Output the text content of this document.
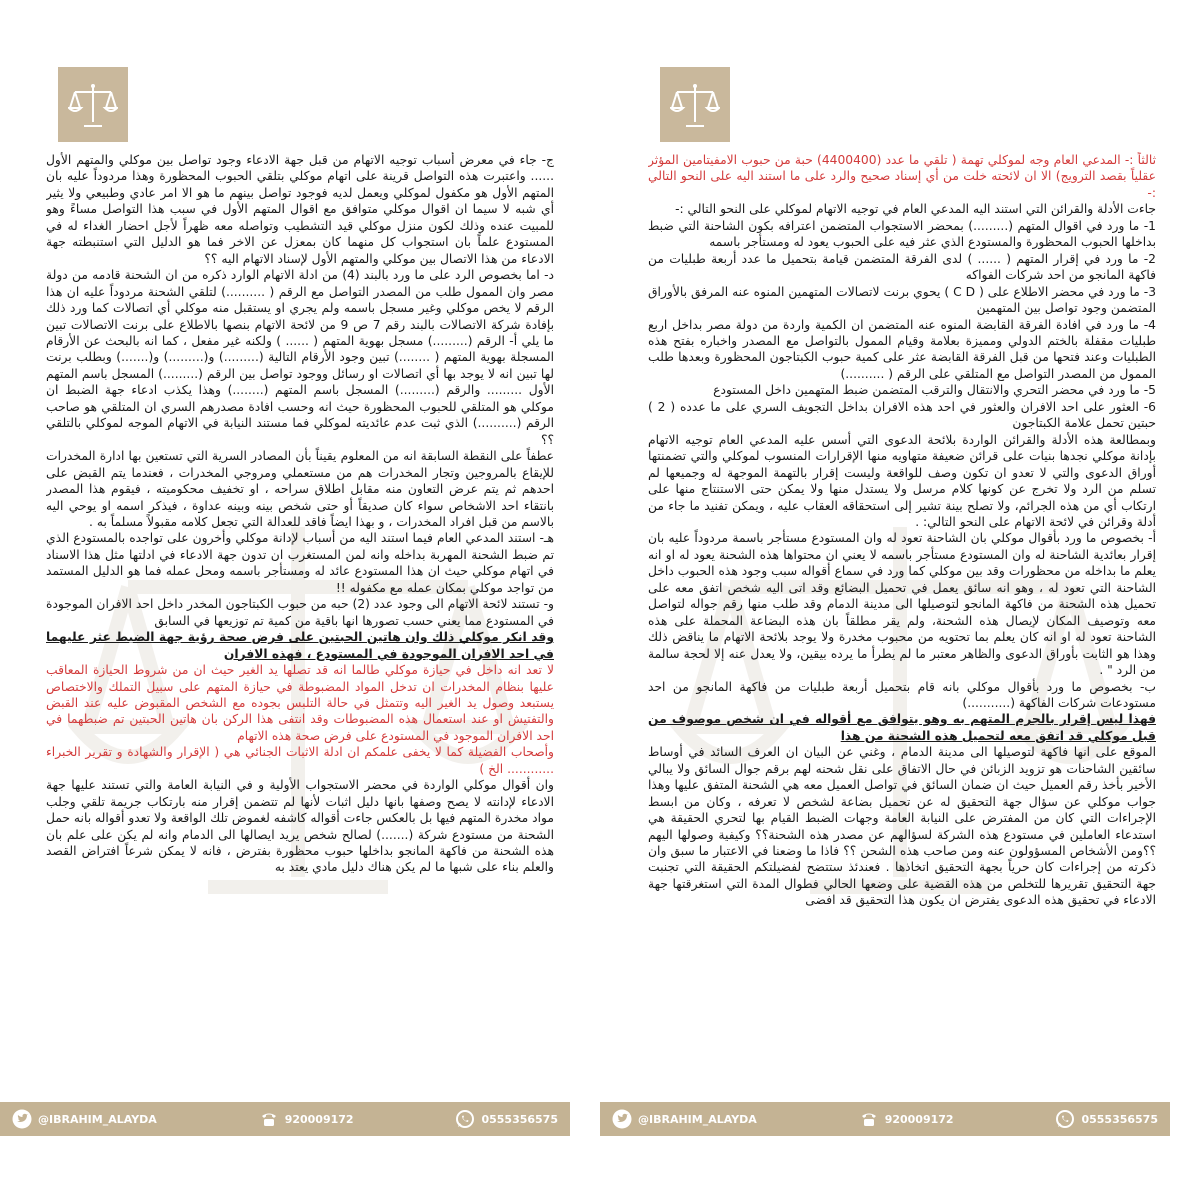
ج- جاء في معرض أسباب توجيه الاتهام من قبل جهة الادعاء وجود تواصل بين موكلي والمتهم الأول ...... واعتبرت هذه التواصل قرينة على اتهام موكلي بتلقي الحبوب المحظورة وهذا مردوداً عليه بان المتهم الأول هو مكفول لموكلي ويعمل لديه فوجود تواصل بينهم ما هو الا امر عادي وطبيعي ولا يثير أي شبه لا سيما ان اقوال موكلي متوافق مع اقوال المتهم الأول في سبب هذا التواصل مساءً وهو للمبيت عنده وذلك لكون منزل موكلي قيد التشطيب وتواصله معه ظهراً لأجل احضار الغداء له في المستودع علماً بان استجواب كل منهما كان بمعزل عن الاخر فما هو الدليل التي استنبطته جهة الادعاء من هذا الاتصال بين موكلي والمتهم الأول لإسناد الاتهام اليه ؟؟

د- اما بخصوص الرد على ما ورد بالبند (4) من ادلة الاتهام الوارد ذكره من ان الشحنة قادمه من دولة مصر وان الممول طلب من المصدر التواصل مع الرقم ( ..........) لتلقي الشحنة مردوداً عليه ان هذا الرقم لا يخص موكلي وغير مسجل باسمه ولم يجري او يستقبل منه موكلي أي اتصالات كما ورد ذلك بإفادة شركة الاتصالات بالبند رقم 7 ص 9 من لائحة الاتهام بنصها بالاطلاع على برنت الاتصالات تبين ما يلي أ- الرقم (.........) مسجل بهوية المتهم ( ...... ) ولكنه غير مفعل ، كما انه بالبحث عن الأرقام المسجلة بهوية المتهم ( ........) تبين وجود الأرقام التالية (.........) و(.........) و(.......) وبطلب برنت لها تبين انه لا يوجد بها أي اتصالات او رسائل ووجود تواصل بين الرقم (.........) المسجل باسم المتهم الأول ......... والرقم (.........) المسجل باسم المتهم (........) وهذا يكذب ادعاء جهة الضبط ان موكلي هو المتلقي للحبوب المحظورة حيث انه وحسب افادة مصدرهم السري ان المتلقي هو صاحب الرقم (..........) الذي ثبت عدم عائديته لموكلي فما مستند النيابة في الاتهام الموجه لموكلي بالتلقي ؟؟

عطفاً على النقطة السابقة انه من المعلوم يقيناً بأن المصادر السرية التي تستعين بها ادارة المخدرات للإيقاع بالمروجين وتجار المخدرات هم من مستعملي ومروجي المخدرات ، فعندما يتم القبض على احدهم ثم يتم عرض التعاون منه مقابل اطلاق سراحه ، او تخفيف محكوميته ، فيقوم هذا المصدر بانتقاء احد الاشخاص سواء كان صديقاً أو حتى شخص بينه وبينه عداوة ، فيذكر اسمه او يوحي اليه بالاسم من قبل افراد المخدرات ، و بهذا ايضاً فاقد للعدالة التي تجعل كلامه مقبولاً مسلماً به .

هـ- استند المدعي العام فيما استند اليه من أسباب لإدانة موكلي وأخرون على تواجده بالمستودع الذي تم ضبط الشحنة المهربة بداخله وانه لمن المستغرب ان تدون جهة الادعاء في ادلتها مثل هذا الاسناد في اتهام موكلي حيث ان هذا المستودع عائد له ومستأجر باسمه ومحل عمله فما هو الدليل المستمد من تواجد موكلي بمكان عمله مع مكفوله !!

و- تستند لائحة الاتهام الى وجود عدد (2) حبه من حبوب الكبتاجون المخدر داخل احد الافران الموجودة في المستودع مما يعني حسب تصورها انها باقية من كمية تم توزيعها في السابق

وقد انكر موكلي ذلك وان هاتين الحبتين على فرض صحة رؤية جهة الضبط عثر عليهما في احد الافران الموجودة في المستودع ، فهذه الافران

لا تعد انه داخل في حيازة موكلي طالما انه قد تصلها يد الغير حيث ان من شروط الحيازة المعاقب عليها بنظام المخدرات ان تدخل المواد المضبوطة في حيازة المتهم على سبيل التملك والاختصاص يستبعد وصول يد الغير اليه وتتمثل في حالة التلبس بجوده مع الشخص المقبوض عليه عند القبض والتفتيش او عند استعمال هذه المضبوطات وقد انتفى هذا الركن بان هاتين الحبتين تم ضبطهما في احد الافران الموجود في المستودع على فرض صحة هذه الاتهام

وأصحاب الفضيلة كما لا يخفى علمكم ان ادلة الاثبات الجنائي هي ( الإقرار والشهادة و تقرير الخبراء ............ الخ )

وان أقوال موكلي الواردة في محضر الاستجواب الأولية و في النيابة العامة والتي تستند عليها جهة الادعاء لإدانته لا يصح وصفها بانها دليل اثبات لأنها لم تتضمن إقرار منه بارتكاب جريمة تلقي وجلب مواد مخدرة المتهم فيها بل بالعكس جاءت أقواله كاشفه لغموض تلك الواقعة ولا تعدو أقواله بانه حمل الشحنة من مستودع شركة (.......) لصالح شخص يريد ايصالها الى الدمام وانه لم يكن على علم بان هذه الشحنة من فاكهة المانجو بداخلها حبوب محظورة بفترض ، فانه لا يمكن شرعاً افتراض القصد والعلم بناء على شبها ما لم يكن هناك دليل مادي يعتد به

ثالثاً :- المدعي العام وجه لموكلي تهمة ( تلقي ما عدد (4400400) حبة من حبوب الامفيتامين المؤثر عقلياً بقصد الترويج) الا ان لائحته خلت من أي إسناد صحيح والرد على ما استند اليه على النحو التالي :-

جاءت الأدلة والقرائن التي استند اليه المدعي العام في توجيه الاتهام لموكلي على النحو التالي :-

1- ما ورد في اقوال المتهم (.........) بمحضر الاستجواب المتضمن اعترافه بكون الشاحنة التي ضبط بداخلها الحبوب المحظورة والمستودع الذي عثر فيه على الحبوب يعود له ومستأجر باسمه

2- ما ورد في إقرار المتهم ( ...... ) لدى الفرقة المتضمن قيامة بتحميل ما عدد أربعة طبليات من فاكهة المانجو من احد شركات الفواكه

3- ما ورد في محضر الاطلاع على ( C D ) يحوي برنت لاتصالات المتهمين المنوه عنه المرفق بالأوراق المتضمن وجود تواصل بين المتهمين

4- ما ورد في افادة الفرقة القابضة المنوه عنه المتضمن ان الكمية واردة من دولة مصر بداخل اربع طبليات مقفلة بالختم الدولي ومميزة بعلامة وقيام الممول بالتواصل مع المصدر واخباره بفتح هذه الطبليات وعند فتحها من قبل الفرقة القابضة عثر على كمية حبوب الكبتاجون المحظورة وبعدها طلب الممول من المصدر التواصل مع المتلقي على الرقم ( ..........)

5- ما ورد في محضر التحري والانتقال والترقب المتضمن ضبط المتهمين داخل المستودع

6- العثور على احد الافران والعثور في احد هذه الافران بداخل التجويف السري على ما عدده ( 2 ) حبتين تحمل علامة الكبتاجون

وبمطالعة هذه الأدلة والقرائن الواردة بلائحة الدعوى التي أسس عليه المدعي العام توجيه الاتهام بإدانة موكلي نجدها بنيات على قرائن ضعيفة متهاويه منها الإقرارات المنسوب لموكلي والتي تضمنتها أوراق الدعوى والتي لا تعدو ان تكون وصف للواقعة وليست إقرار بالتهمة الموجهة له وجميعها لم تسلم من الرد ولا تخرج عن كونها كلام مرسل ولا يستدل منها ولا يمكن حتى الاستنتاج منها على ارتكاب أي من هذه الجرائم، ولا تصلح بينة تشير إلى استحقاقه العقاب عليه ، ويمكن تفنيد ما جاء من أدلة وقرائن في لائحة الاتهام على النحو التالي: .

أ- بخصوص ما ورد بأقوال موكلي بان الشاحنة تعود له وان المستودع مستأجر باسمة مردوداً عليه بان إقرار بعائدية الشاحنة له وان المستودع مستأجر باسمه لا يعني ان محتواها هذه الشحنة يعود له او انه يعلم ما بداخله من محظورات وقد بين موكلي كما ورد في سماع أقواله سبب وجود هذه الحبوب داخل الشاحنة التي تعود له ، وهو انه سائق يعمل في تحميل البضائع وقد اتى اليه شخص اتفق معه على تحميل هذه الشحنة من فاكهة المانجو لتوصيلها الى مدينة الدمام وقد طلب منها رقم جواله لتواصل معه وتوصيف المكان لإيصال هذه الشحنة، ولم يقر مطلقاً بان هذه البضاعة المحملة على هذه الشاحنة تعود له او انه كان يعلم بما تحتويه من محبوب مخدرة ولا يوجد بلائحة الاتهام ما يناقض ذلك وهذا هو الثابت بأوراق الدعوى والظاهر معتبر ما لم يطرأ ما يرده بيقين، ولا يعدل عنه إلا لحجة سالمة من الرد " .

ب- بخصوص ما ورد بأقوال موكلي بانه قام بتحميل أربعة طبليات من فاكهة المانجو من احد مستودعات شركات الفاكهة (...........)

فهذا ليس إقرار بالجرم المتهم به وهو يتوافق مع أقواله في ان شخص موصوف من قبل موكلي قد اتفق معه لتحميل هذه الشحنة من هذا

الموقع على انها فاكهة لتوصيلها الى مدينة الدمام ، وغني عن البيان ان العرف السائد في أوساط سائقين الشاحنات هو تزويد الزبائن في حال الاتفاق على نقل شحنه لهم برقم جوال السائق ولا يبالي الأخير بأخذ رقم العميل حيث ان ضمان السائق في تواصل العميل معه هي الشحنة المتفق عليها وهذا جواب موكلي عن سؤال جهة التحقيق له عن تحميل بضاعة لشخص لا تعرفه ، وكان من ابسط الإجراءات التي كان من المفترض على النيابة العامة وجهات الضبط القيام بها لتحري الحقيقة هي استدعاء العاملين في مستودع هذه الشركة لسؤالهم عن مصدر هذه الشحنة؟؟ وكيفية وصولها اليهم ؟؟ومن الأشخاص المسؤولون عنه ومن صاحب هذه الشحن ؟؟ فاذا ما وضعنا في الاعتبار ما سبق وان ذكرته من إجراءات كان حرياً بجهة التحقيق اتخاذها . فعندئذ ستتضح لفضيلتكم الحقيقة التي تجنبت جهة التحقيق تقريرها للتخلص من هذه القضية على وضعها الحالي فطوال المدة التي استغرقتها جهة الادعاء في تحقيق هذه الدعوى يفترض ان يكون هذا التحقيق قد افضى

@IBRAHIM_ALAYDA	920009172	0555356575	@IBRAHIM_ALAYDA	920009172	0555356575
